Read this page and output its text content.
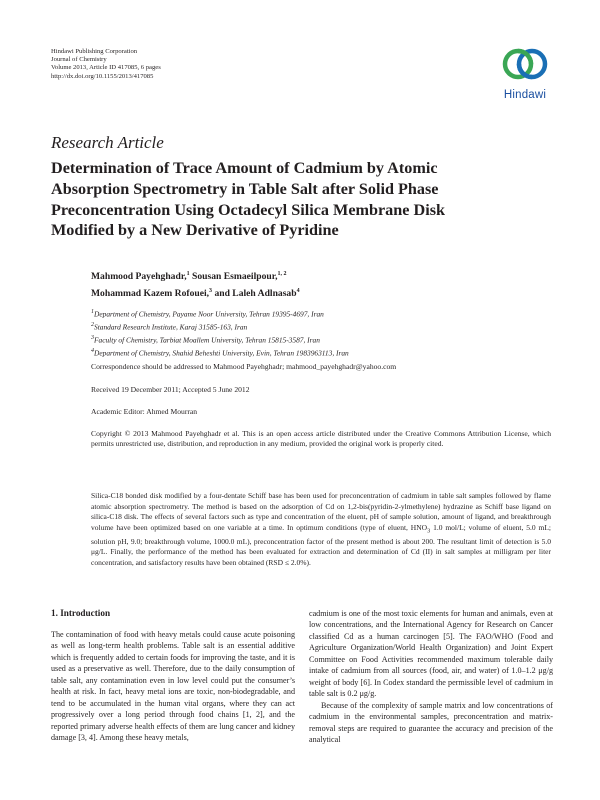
Hindawi Publishing Corporation
Journal of Chemistry
Volume 2013, Article ID 417085, 6 pages
http://dx.doi.org/10.1155/2013/417085
Hindawi
Research Article
Determination of Trace Amount of Cadmium by Atomic
Absorption Spectrometry in Table Salt after Solid Phase
Preconcentration Using Octadecyl Silica Membrane Disk
Modified by a New Derivative of Pyridine
Mahmood Payehghadr,$^1$ Sousan Esmaeilpour,$^{1, 2}$
Mohammad Kazem Rofouei,$^3$ and Laleh Adlnasab$^4$
$^1$Department of Chemistry, Payame Noor University, Tehran 19395-4697, Iran
$^2$Standard Research Institute, Karaj 31585-163, Iran
$^3$Faculty of Chemistry, Tarbiat Moallem University, Tehran 15815-3587, Iran
$^4$Department of Chemistry, Shahid Beheshti University, Evin, Tehran 1983963113, Iran
Correspondence should be addressed to Mahmood Payehghadr; mahmood_payehghadr@yahoo.com
Received 19 December 2011; Accepted 5 June 2012
Academic Editor: Ahmed Mourran
Copyright © 2013 Mahmood Payehghadr et al. This is an open access article distributed under the Creative Commons Attribution License, which permits unrestricted use, distribution, and reproduction in any medium, provided the original work is properly cited.
Silica-C18 bonded disk modified by a four-dentate Schiff base has been used for preconcentration of cadmium in table salt samples followed by flame atomic absorption spectrometry. The method is based on the adsorption of Cd on 1,2-bis(pyridin-2-ylmethylene) hydrazine as Schiff base ligand on silica-C18 disk. The effects of several factors such as type and concentration of the eluent, pH of sample solution, amount of ligand, and breakthrough volume have been optimized based on one variable at a time. In optimum conditions (type of eluent, $HNO_3$ 1.0 mol/L; volume of eluent, 5.0 mL; solution pH, 9.0; breakthrough volume, 1000.0 mL), preconcentration factor of the present method is about 200. The resultant limit of detection is 5.0 μg/L. Finally, the performance of the method has been evaluated for extraction and determination of Cd (II) in salt samples at milligram per liter concentration, and satisfactory results have been obtained (RSD ≤ 2.0%).
1. Introduction

The contamination of food with heavy metals could cause acute poisoning as well as long-term health problems. Table salt is an essential additive which is frequently added to certain foods for improving the taste, and it is used as a preservative as well. Therefore, due to the daily consumption of table salt, any contamination even in low level could put the consumer’s health at risk. In fact, heavy metal ions are toxic, non-biodegradable, and tend to be accumulated in the human vital organs, where they can act progressively over a long period through food chains [1, 2], and the reported primary adverse health effects of them are lung cancer and kidney damage [3, 4]. Among these heavy metals,

cadmium is one of the most toxic elements for human and animals, even at low concentrations, and the International Agency for Research on Cancer classified Cd as a human carcinogen [5]. The FAO/WHO (Food and Agriculture Organization/World Health Organization) and Joint Expert Committee on Food Activities recommended maximum tolerable daily intake of cadmium from all sources (food, air, and water) of 1.0–1.2 μg/g weight of body [6]. In Codex standard the permissible level of cadmium in table salt is 0.2 μg/g.

Because of the complexity of sample matrix and low concentrations of cadmium in the environmental samples, preconcentration and matrix-removal steps are required to guarantee the accuracy and precision of the analytical
